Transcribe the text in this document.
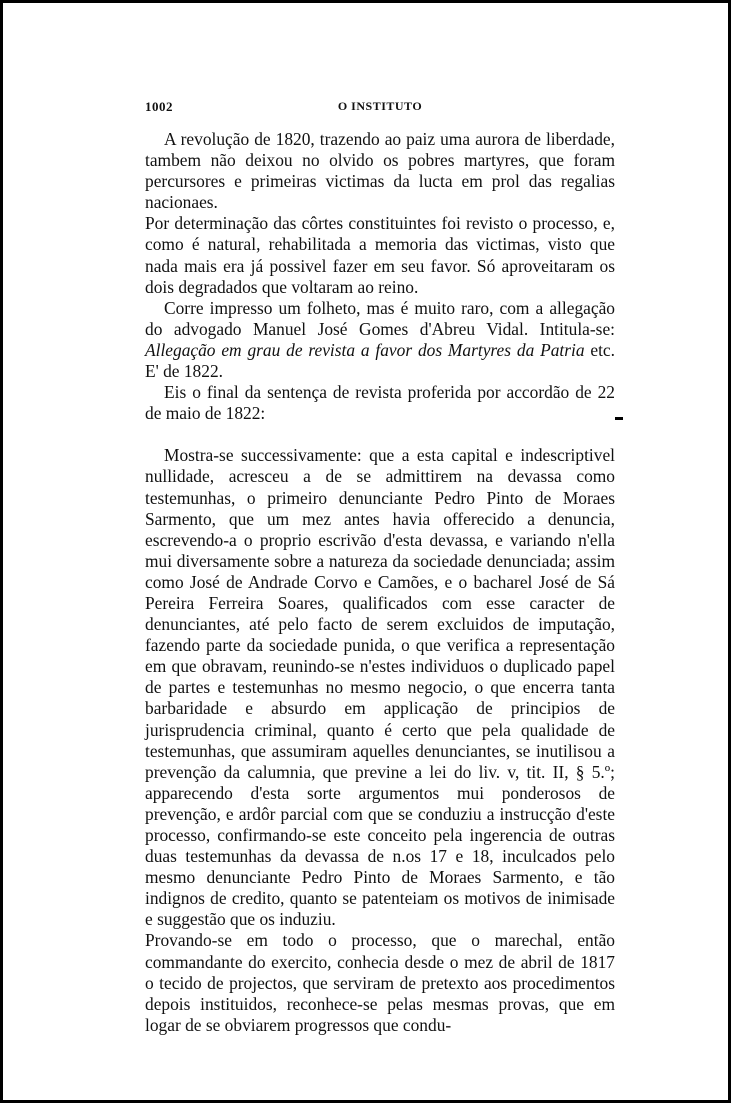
1002	O INSTITUTO

A revolução de 1820, trazendo ao paiz uma aurora de liberdade, tambem não deixou no olvido os pobres martyres, que foram percursores e primeiras victimas da lucta em prol das regalias nacionaes.

Por determinação das côrtes constituintes foi revisto o processo, e, como é natural, rehabilitada a memoria das victimas, visto que nada mais era já possivel fazer em seu favor. Só aproveitaram os dois degradados que voltaram ao reino.

Corre impresso um folheto, mas é muito raro, com a allegação do advogado Manuel José Gomes d'Abreu Vidal. Intitula-se: Allegação em grau de revista a favor dos Martyres da Patria etc. E' de 1822.

Eis o final da sentença de revista proferida por accordão de 22 de maio de 1822:

Mostra-se successivamente: que a esta capital e indescriptivel nullidade, acresceu a de se admittirem na devassa como testemunhas, o primeiro denunciante Pedro Pinto de Moraes Sarmento, que um mez antes havia offerecido a denuncia, escrevendo-a o proprio escrivão d'esta devassa, e variando n'ella mui diversamente sobre a natureza da sociedade denunciada; assim como José de Andrade Corvo e Camões, e o bacharel José de Sá Pereira Ferreira Soares, qualificados com esse caracter de denunciantes, até pelo facto de serem excluidos de imputação, fazendo parte da sociedade punida, o que verifica a representação em que obravam, reunindo-se n'estes individuos o duplicado papel de partes e testemunhas no mesmo negocio, o que encerra tanta barbaridade e absurdo em applicação de principios de jurisprudencia criminal, quanto é certo que pela qualidade de testemunhas, que assumiram aquelles denunciantes, se inutilisou a prevenção da calumnia, que previne a lei do liv. v, tit. II, § 5.º; apparecendo d'esta sorte argumentos mui ponderosos de prevenção, e ardôr parcial com que se conduziu a instrucção d'este processo, confirmando-se este conceito pela ingerencia de outras duas testemunhas da devassa de n.os 17 e 18, inculcados pelo mesmo denunciante Pedro Pinto de Moraes Sarmento, e tão indignos de credito, quanto se patenteiam os motivos de inimisade e suggestão que os induziu.

Provando-se em todo o processo, que o marechal, então commandante do exercito, conhecia desde o mez de abril de 1817 o tecido de projectos, que serviram de pretexto aos procedimentos depois instituidos, reconhece-se pelas mesmas provas, que em logar de se obviarem progressos que condu-
